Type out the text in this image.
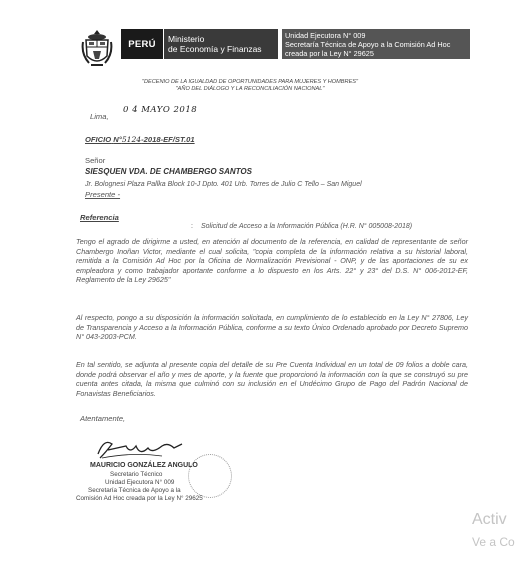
PERÚ Ministerio
de Economía y Finanzas
Unidad Ejecutora N° 009
Secretaría Técnica de Apoyo a la Comisión Ad Hoc
creada por la Ley N° 29625
"DECENIO DE LA IGUALDAD DE OPORTUNIDADES PARA MUJERES Y HOMBRES"
"AÑO DEL DIÁLOGO Y LA RECONCILIACIÓN NACIONAL"
Lima,
0 4 MAYO 2018
OFICIO N°5124-2018-EF/ST.01
Señor
SIESQUEN VDA. DE CHAMBERGO SANTOS
Jr. Bolognesi Plaza Pallka Block 10-J Dpto. 401 Urb. Torres de Julio C Tello – San Miguel
Presente -
Referencia
: Solicitud de Acceso a la Información Pública (H.R. N° 005008-2018)
Tengo el agrado de dirigirme a usted, en atención al documento de la referencia, en calidad de representante de señor Chambergo Inoñan Victor, mediante el cual solicita, "copia completa de la información relativa a su historial laboral, remitida a la Comisión Ad Hoc por la Oficina de Normalización Previsional - ONP, y de las aportaciones de su ex empleadora y como trabajador aportante conforme a lo dispuesto en los Arts. 22° y 23° del D.S. N° 006-2012-EF, Reglamento de la Ley 29625"
Al respecto, pongo a su disposición la información solicitada, en cumplimiento de lo establecido en la Ley N° 27806, Ley de Transparencia y Acceso a la Información Pública, conforme a su texto Único Ordenado aprobado por Decreto Supremo N° 043-2003-PCM.
En tal sentido, se adjunta al presente copia del detalle de su Pre Cuenta Individual en un total de 09 folios a doble cara, donde podrá observar el año y mes de aporte, y la fuente que proporcionó la información con la que se construyó su pre cuenta antes citada, la misma que culminó con su inclusión en el Undécimo Grupo de Pago del Padrón Nacional de Fonavistas Beneficiarios.
Atentamente,
MAURICIO GONZÁLEZ ANGULO
Secretario Técnico
Unidad Ejecutora N° 009
Secretaría Técnica de Apoyo a la
Comisión Ad Hoc creada por la Ley N° 29625
Activ
Ve a Co
